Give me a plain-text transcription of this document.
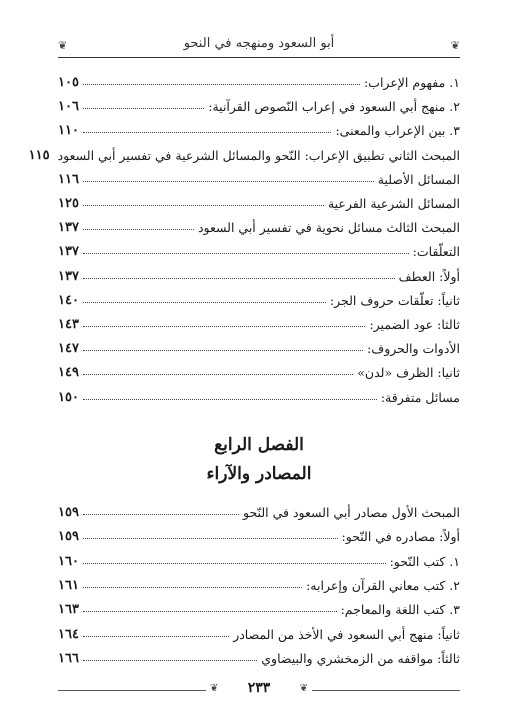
❦
أبو السعود ومنهجه في النحو
❦
١. مفهوم الإعراب:
١٠٥
٢. منهج أبي السعود في إعراب النّصوص القرآنية:
١٠٦
٣. بين الإعراب والمعنى:
١١٠
المبحث الثاني تطبيق الإعراب: النّحو والمسائل الشرعية في تفسير أبي السعود
١١٥
المسائل الأصلية
١١٦
المسائل الشرعية الفرعية
١٢٥
المبحث الثالث مسائل نحوية في تفسير أبي السعود
١٣٧
التعلّقات:
١٣٧
أولاً: العطف
١٣٧
ثانياً: تعلّقات حروف الجر:
١٤٠
ثالثا: عود الضمير:
١٤٣
الأدوات والحروف:
١٤٧
ثانيا: الظرف «لدن»
١٤٩
مسائل متفرقة:
١٥٠
الفصل الرابع
المصادر والآراء
المبحث الأول مصادر أبي السعود في النّحو
١٥٩
أولاً: مصادره في النّحو:
١٥٩
١. كتب النّحو:
١٦٠
٢. كتب معاني القرآن وإعرابه:
١٦١
٣. كتب اللغة والمعاجم:
١٦٣
ثانياً: منهج أبي السعود في الأخذ من المصادر
١٦٤
ثالثاً: مواقفه من الزمخشري والبيضاوي
١٦٦
❦	٢٣٣	❦
